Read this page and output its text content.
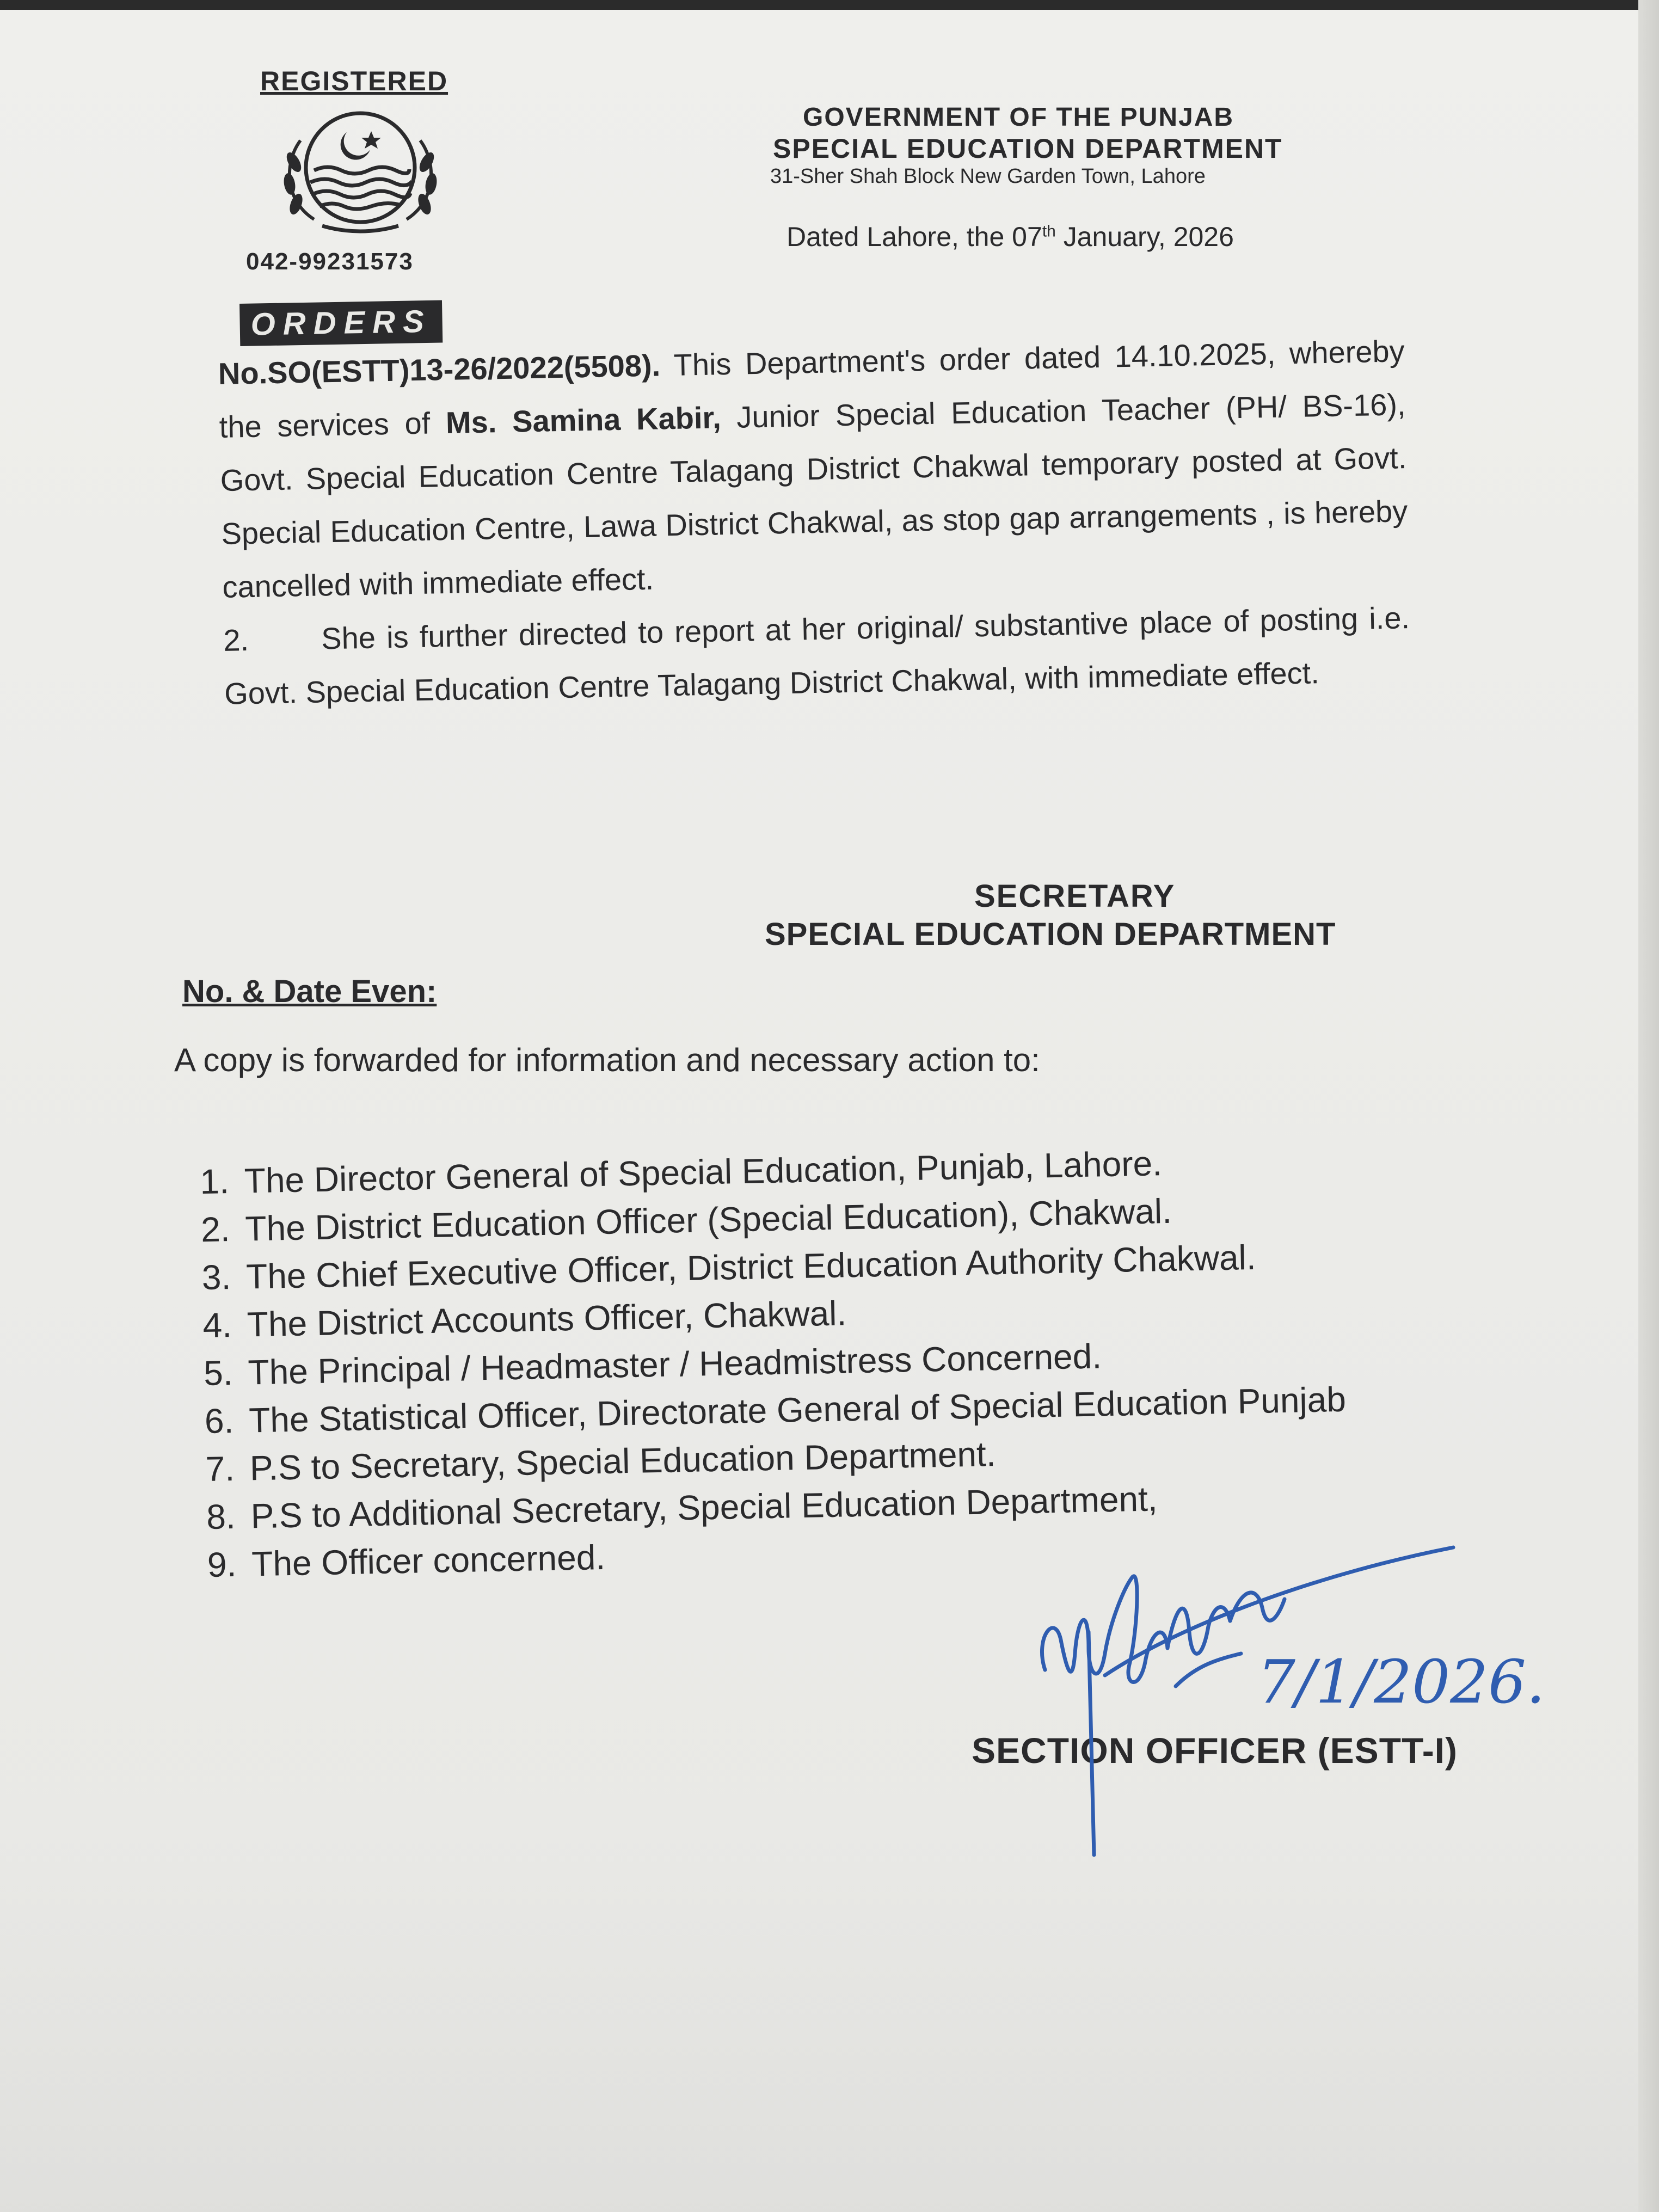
REGISTERED
042-99231573
ORDERS
GOVERNMENT OF THE PUNJAB
SPECIAL EDUCATION DEPARTMENT
31-Sher Shah Block New Garden Town, Lahore
Dated Lahore, the 07th January, 2026

No.SO(ESTT)13-26/2022(5508). This Department's order dated 14.10.2025, whereby the services of Ms. Samina Kabir, Junior Special Education Teacher (PH/ BS-16), Govt. Special Education Centre Talagang District Chakwal temporary posted at Govt. Special Education Centre, Lawa District Chakwal, as stop gap arrangements , is hereby cancelled with immediate effect.

2. She is further directed to report at her original/ substantive place of posting i.e. Govt. Special Education Centre Talagang District Chakwal, with immediate effect.

SECRETARY
SPECIAL EDUCATION DEPARTMENT
No. & Date Even:
A copy is forwarded for information and necessary action to:
1. The Director General of Special Education, Punjab, Lahore.
2. The District Education Officer (Special Education), Chakwal.
3. The Chief Executive Officer, District Education Authority Chakwal.
4. The District Accounts Officer, Chakwal.
5. The Principal / Headmaster / Headmistress Concerned.
6. The Statistical Officer, Directorate General of Special Education Punjab
7. P.S to Secretary, Special Education Department.
8. P.S to Additional Secretary, Special Education Department,
9. The Officer concerned.
SECTION OFFICER (ESTT-I)
7/1/2026.
